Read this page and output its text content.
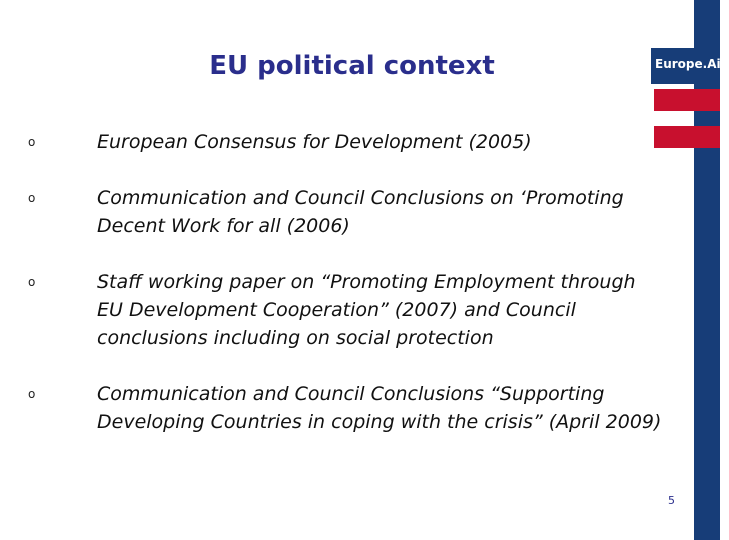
Europe.Aid
EU political context
o	European Consensus for Development (2005)
o	Communication and Council Conclusions on ‘Promoting Decent Work for all (2006)
o	Staff working paper on “Promoting Employment through EU Development Cooperation” (2007) and Council conclusions including on social protection
o	Communication and Council Conclusions “Supporting Developing Countries in coping with the crisis” (April 2009)
5
